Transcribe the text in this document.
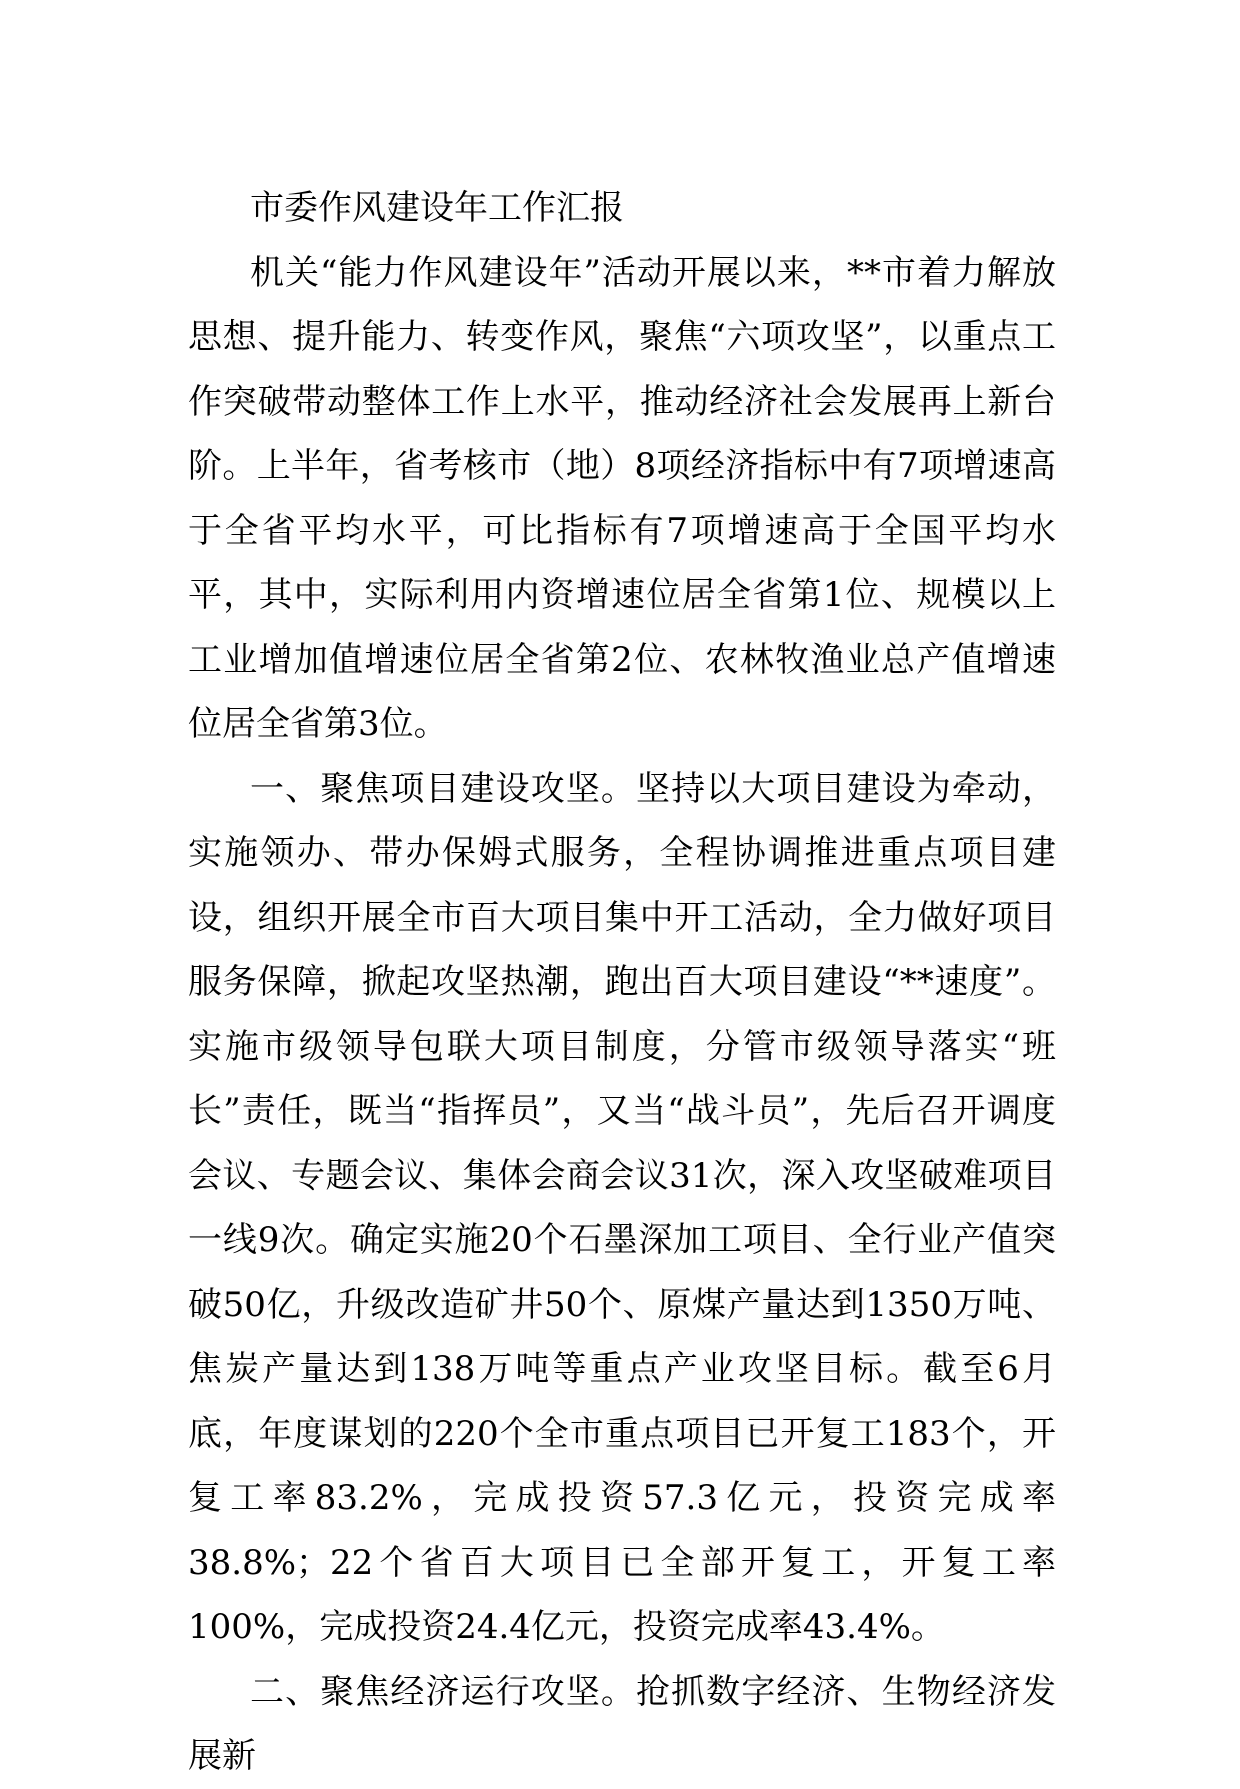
市委作风建设年工作汇报

机关“能力作风建设年”活动开展以来，**市着力解放思想、提升能力、转变作风，聚焦“六项攻坚”，以重点工作突破带动整体工作上水平，推动经济社会发展再上新台阶。上半年，省考核市（地）8项经济指标中有7项增速高于全省平均水平，可比指标有7项增速高于全国平均水平，其中，实际利用内资增速位居全省第1位、规模以上工业增加值增速位居全省第2位、农林牧渔业总产值增速位居全省第3位。

一、聚焦项目建设攻坚。坚持以大项目建设为牵动，实施领办、带办保姆式服务，全程协调推进重点项目建设，组织开展全市百大项目集中开工活动，全力做好项目服务保障，掀起攻坚热潮，跑出百大项目建设“**速度”。实施市级领导包联大项目制度，分管市级领导落实“班长”责任，既当“指挥员”，又当“战斗员”，先后召开调度会议、专题会议、集体会商会议31次，深入攻坚破难项目一线9次。确定实施20个石墨深加工项目、全行业产值突破50亿，升级改造矿井50个、原煤产量达到1350万吨、焦炭产量达到138万吨等重点产业攻坚目标。截至6月底，年度谋划的220个全市重点项目已开复工183个，开复工率83.2%，完成投资57.3亿元，投资完成率38.8%；22个省百大项目已全部开复工，开复工率100%，完成投资24.4亿元，投资完成率43.4%。

二、聚焦经济运行攻坚。抢抓数字经济、生物经济发展新
